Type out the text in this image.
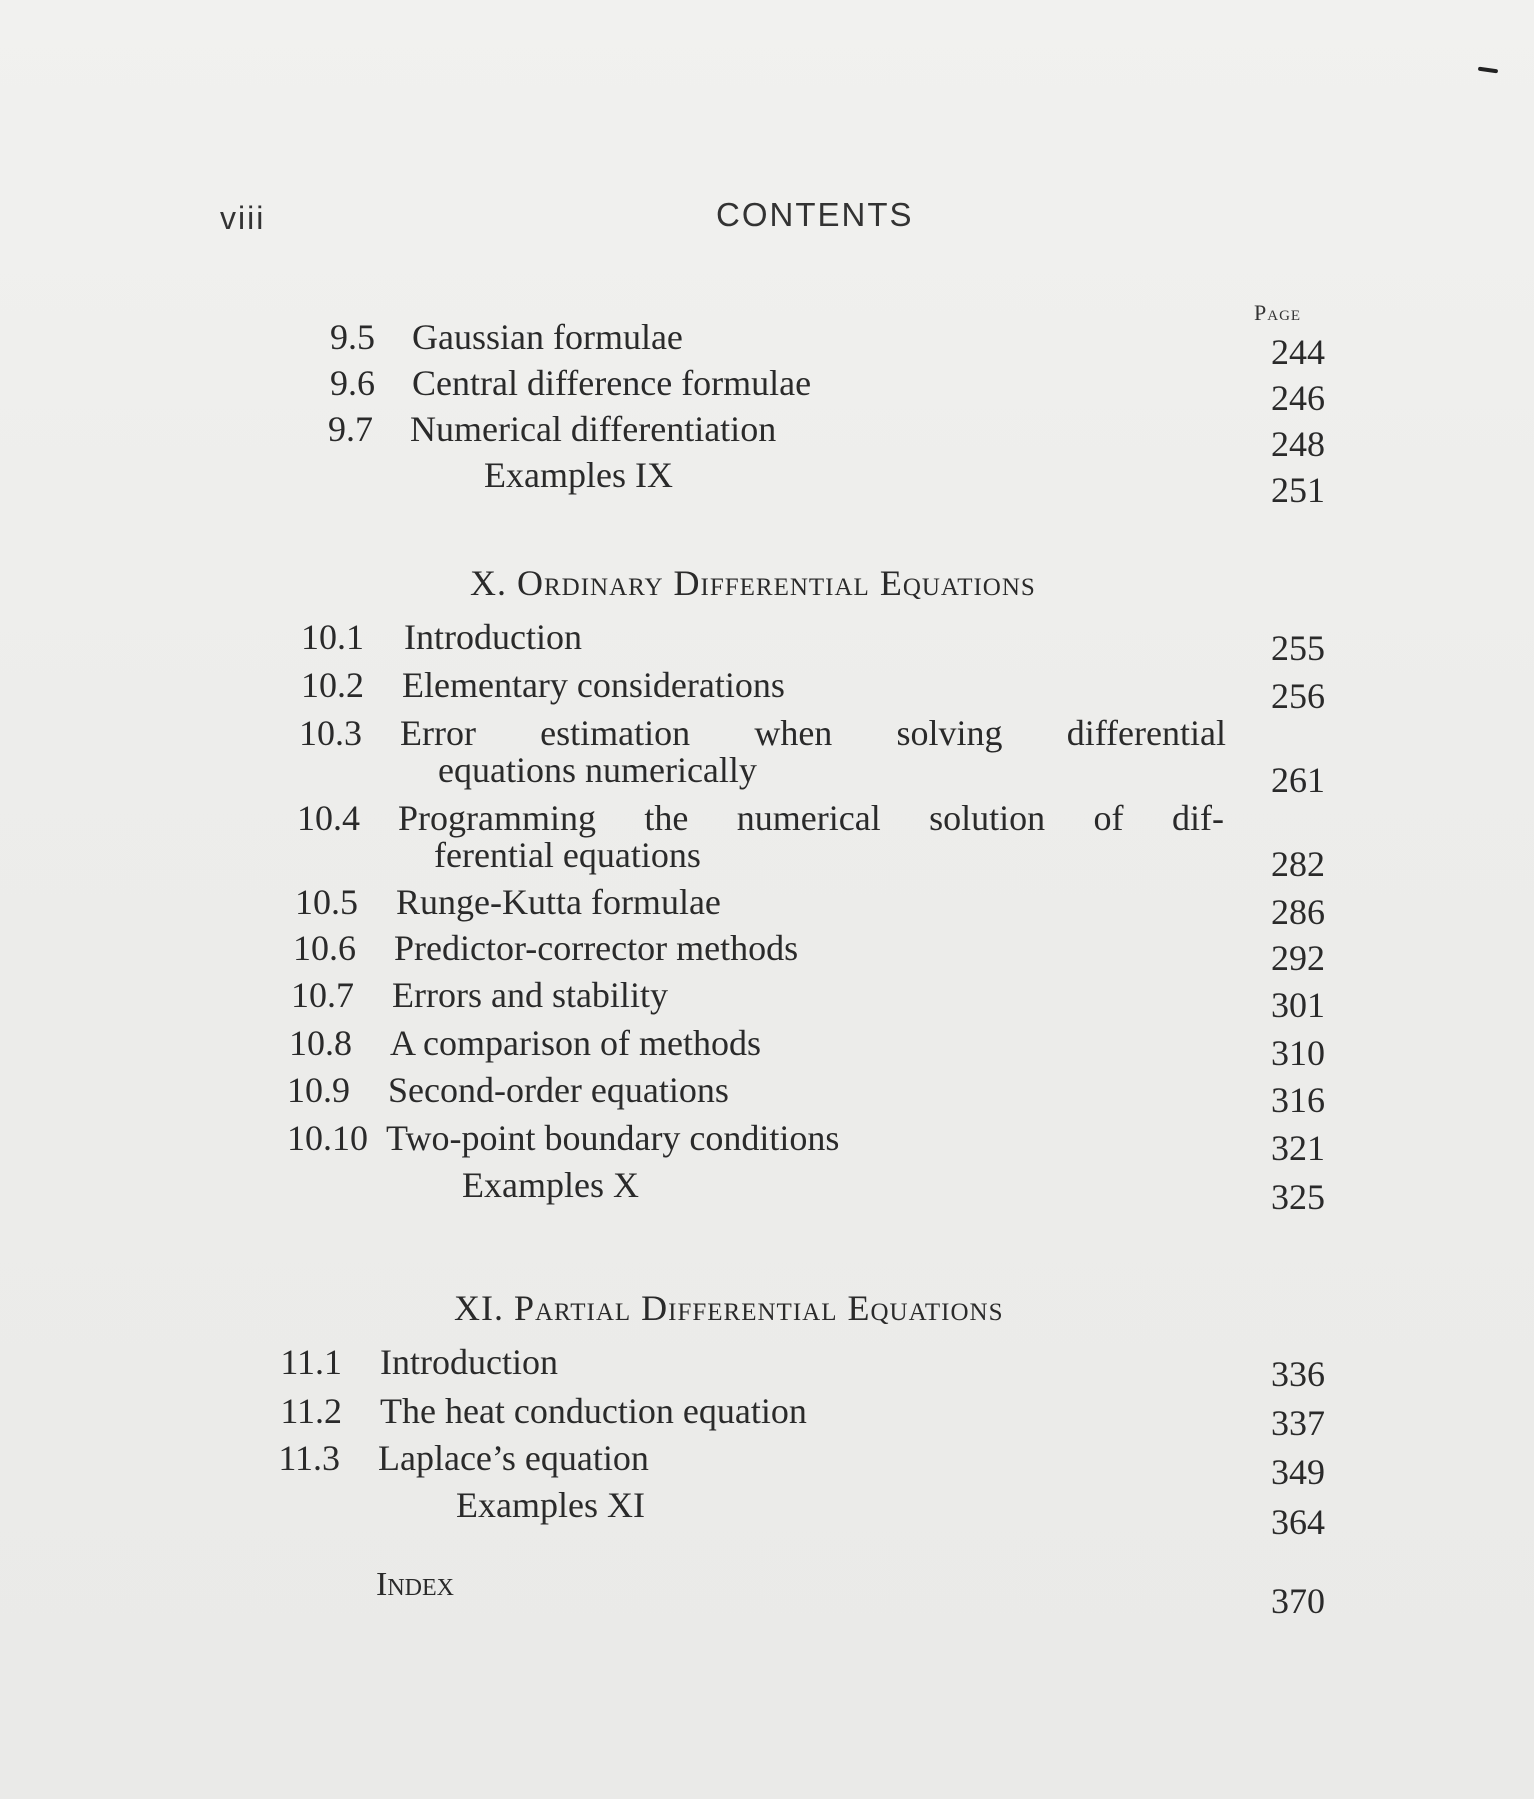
viii	CONTENTS
Page
9.5 Gaussian formulae	244
9.6 Central difference formulae	246
9.7 Numerical differentiation	248
Examples IX	251
X. Ordinary Differential Equations
10.1 Introduction	255
10.2 Elementary considerations	256
10.3 Error estimation when solving differential
equations numerically	261
10.4 Programming the numerical solution of dif-
ferential equations	282
10.5 Runge-Kutta formulae	286
10.6 Predictor-corrector methods	292
10.7 Errors and stability	301
10.8 A comparison of methods	310
10.9 Second-order equations	316
10.10 Two-point boundary conditions	321
Examples X	325
XI. Partial Differential Equations
11.1 Introduction	336
11.2 The heat conduction equation	337
11.3 Laplace’s equation	349
Examples XI	364
Index	370
